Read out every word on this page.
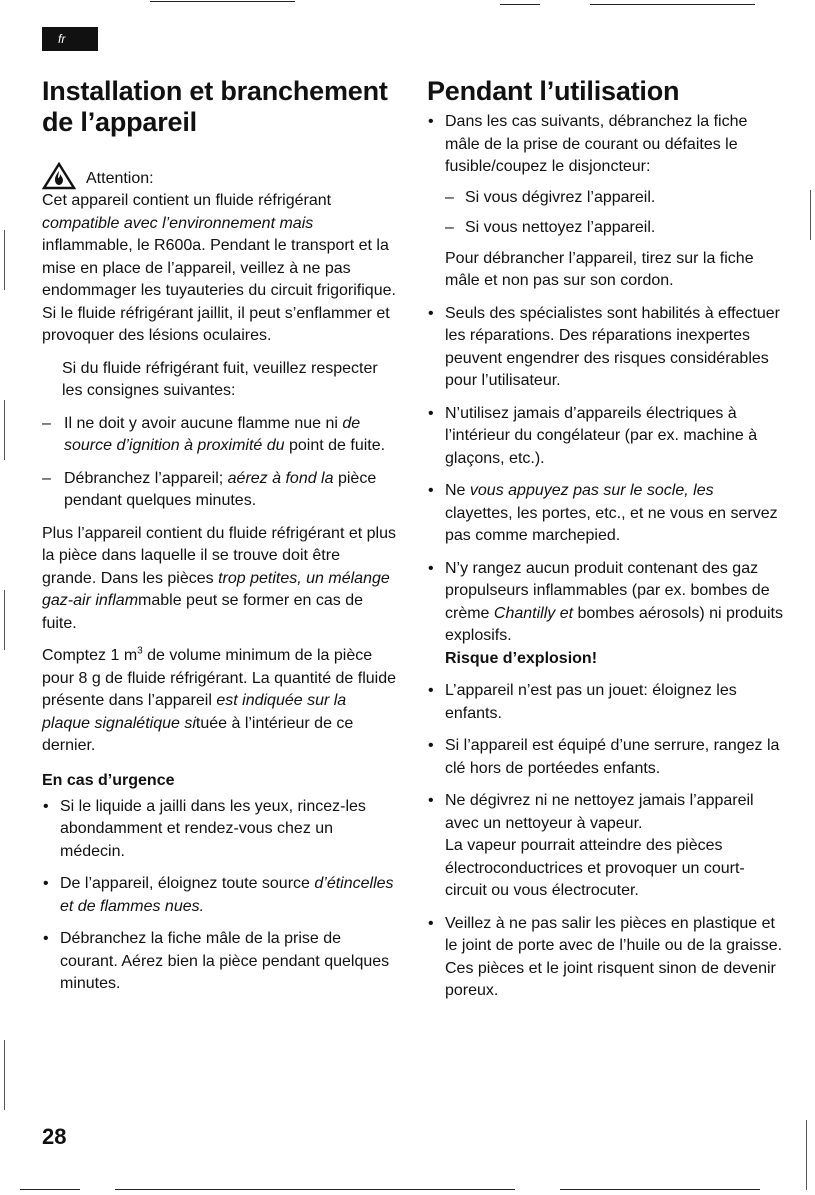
fr
Installation et branchement
de l’appareil
Attention:

Cet appareil contient un fluide réfrigérant compatible avec l’environnement mais inflammable, le R600a. Pendant le transport et la mise en place de l’appareil, veillez à ne pas endommager les tuyauteries du circuit frigorifique. Si le fluide réfrigérant jaillit, il peut s’enflammer et provoquer des lésions oculaires.

Si du fluide réfrigérant fuit, veuillez respecter les consignes suivantes:

– Il ne doit y avoir aucune flamme nue ni de source d’ignition à proximité du point de fuite.
– Débranchez l’appareil; aérez à fond la pièce pendant quelques minutes.

Plus l’appareil contient du fluide réfrigérant et plus la pièce dans laquelle il se trouve doit être grande. Dans les pièces trop petites, un mélange gaz-air inflammable peut se former en cas de fuite.

Comptez 1 $m^3$ de volume minimum de la pièce pour 8 g de fluide réfrigérant. La quantité de fluide présente dans l’appareil est indiquée sur la plaque signalétique située à l’intérieur de ce dernier.

En cas d’urgence
• Si le liquide a jailli dans les yeux, rincez-les abondamment et rendez-vous chez un médecin.
• De l’appareil, éloignez toute source d’étincelles et de flammes nues.
• Débranchez la fiche mâle de la prise de courant. Aérez bien la pièce pendant quelques minutes.
Pendant l’utilisation
• Dans les cas suivants, débranchez la fiche mâle de la prise de courant ou défaites le fusible/coupez le disjoncteur:
– Si vous dégivrez l’appareil.
– Si vous nettoyez l’appareil.

Pour débrancher l’appareil, tirez sur la fiche mâle et non pas sur son cordon.

• Seuls des spécialistes sont habilités à effectuer les réparations. Des réparations inexpertes peuvent engendrer des risques considérables pour l’utilisateur.
• N’utilisez jamais d’appareils électriques à l’intérieur du congélateur (par ex. machine à glaçons, etc.).
• Ne vous appuyez pas sur le socle, les clayettes, les portes, etc., et ne vous en servez pas comme marchepied.
• N’y rangez aucun produit contenant des gaz propulseurs inflammables (par ex. bombes de crème Chantilly et bombes aérosols) ni produits explosifs.
Risque d’explosion!
• L’appareil n’est pas un jouet: éloignez les enfants.
• Si l’appareil est équipé d’une serrure, rangez la clé hors de portéedes enfants.
• Ne dégivrez ni ne nettoyez jamais l’appareil avec un nettoyeur à vapeur.
La vapeur pourrait atteindre des pièces électroconductrices et provoquer un court-circuit ou vous électrocuter.
• Veillez à ne pas salir les pièces en plastique et le joint de porte avec de l’huile ou de la graisse. Ces pièces et le joint risquent sinon de devenir poreux.
28
